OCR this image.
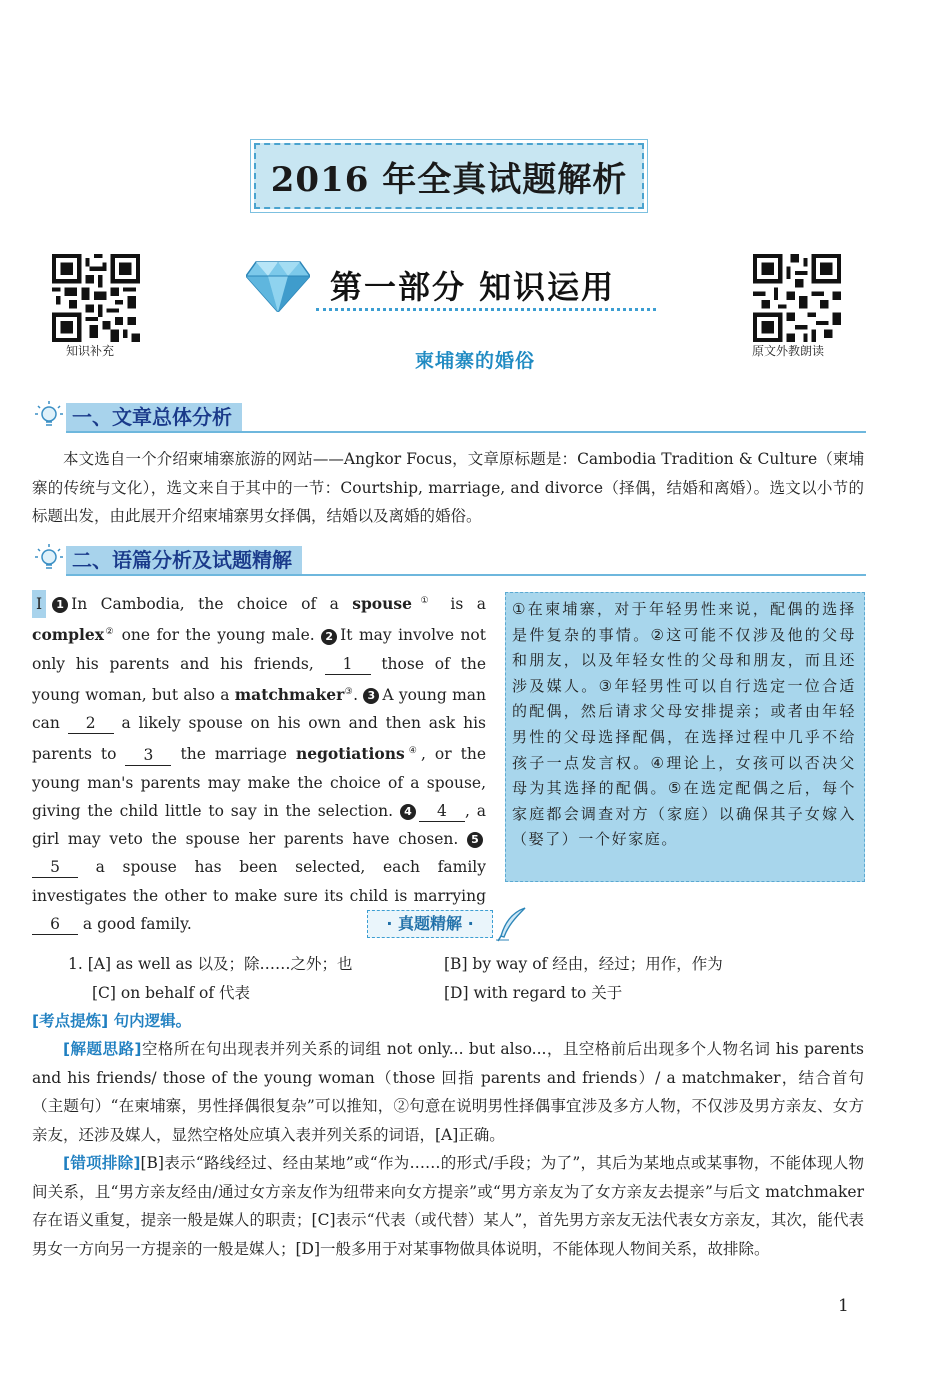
2016 年全真试题解析
知识补充	原文外教朗读
第一部分 知识运用
柬埔寨的婚俗
一、文章总体分析
本文选自一个介绍柬埔寨旅游的网站——Angkor Focus，文章原标题是：Cambodia Tradition & Culture（柬埔寨的传统与文化），选文来自于其中的一节：Courtship, marriage, and divorce（择偶，结婚和离婚）。选文以小节的标题出发，由此展开介绍柬埔寨男女择偶，结婚以及离婚的婚俗。
二、语篇分析及试题精解
Ⅰ 1 In Cambodia, the choice of a spouse① is a complex② one for the young male. 2 It may involve not only his parents and his friends, 1 those of the young woman, but also a matchmaker③. 3 A young man can 2 a likely spouse on his own and then ask his parents to 3 the marriage negotiations④, or the young man's parents may make the choice of a spouse, giving the child little to say in the selection. 4 4 , a girl may veto the spouse her parents have chosen. 55 a spouse has been selected, each family investigates the other to make sure its child is marrying 6 a good family.
①在柬埔寨，对于年轻男性来说，配偶的选择是件复杂的事情。②这可能不仅涉及他的父母和朋友，以及年轻女性的父母和朋友，而且还涉及媒人。③年轻男性可以自行选定一位合适的配偶，然后请求父母安排提亲；或者由年轻男性的父母选择配偶，在选择过程中几乎不给孩子一点发言权。④理论上，女孩可以否决父母为其选择的配偶。⑤在选定配偶之后，每个家庭都会调查对方（家庭）以确保其子女嫁入（娶了）一个好家庭。
· 真题精解 ·
1. [A] as well as 以及；除……之外；也
[C] on behalf of 代表
[B] by way of 经由，经过；用作，作为
[D] with regard to 关于
[考点提炼] 句内逻辑。
[解题思路]空格所在句出现表并列关系的词组 not only... but also...，且空格前后出现多个人物名词 his parents and his friends/ those of the young woman（those 回指 parents and friends）/ a matchmaker，结合首句（主题句）“在柬埔寨，男性择偶很复杂”可以推知，②句意在说明男性择偶事宜涉及多方人物，不仅涉及男方亲友、女方亲友，还涉及媒人，显然空格处应填入表并列关系的词语，[A]正确。
[错项排除][B]表示“路线经过、经由某地”或“作为……的形式/手段；为了”，其后为某地点或某事物，不能体现人物间关系，且“男方亲友经由/通过女方亲友作为纽带来向女方提亲”或“男方亲友为了女方亲友去提亲”与后文 matchmaker 存在语义重复，提亲一般是媒人的职责；[C]表示“代表（或代替）某人”，首先男方亲友无法代表女方亲友，其次，能代表男女一方向另一方提亲的一般是媒人；[D]一般多用于对某事物做具体说明，不能体现人物间关系，故排除。
1
